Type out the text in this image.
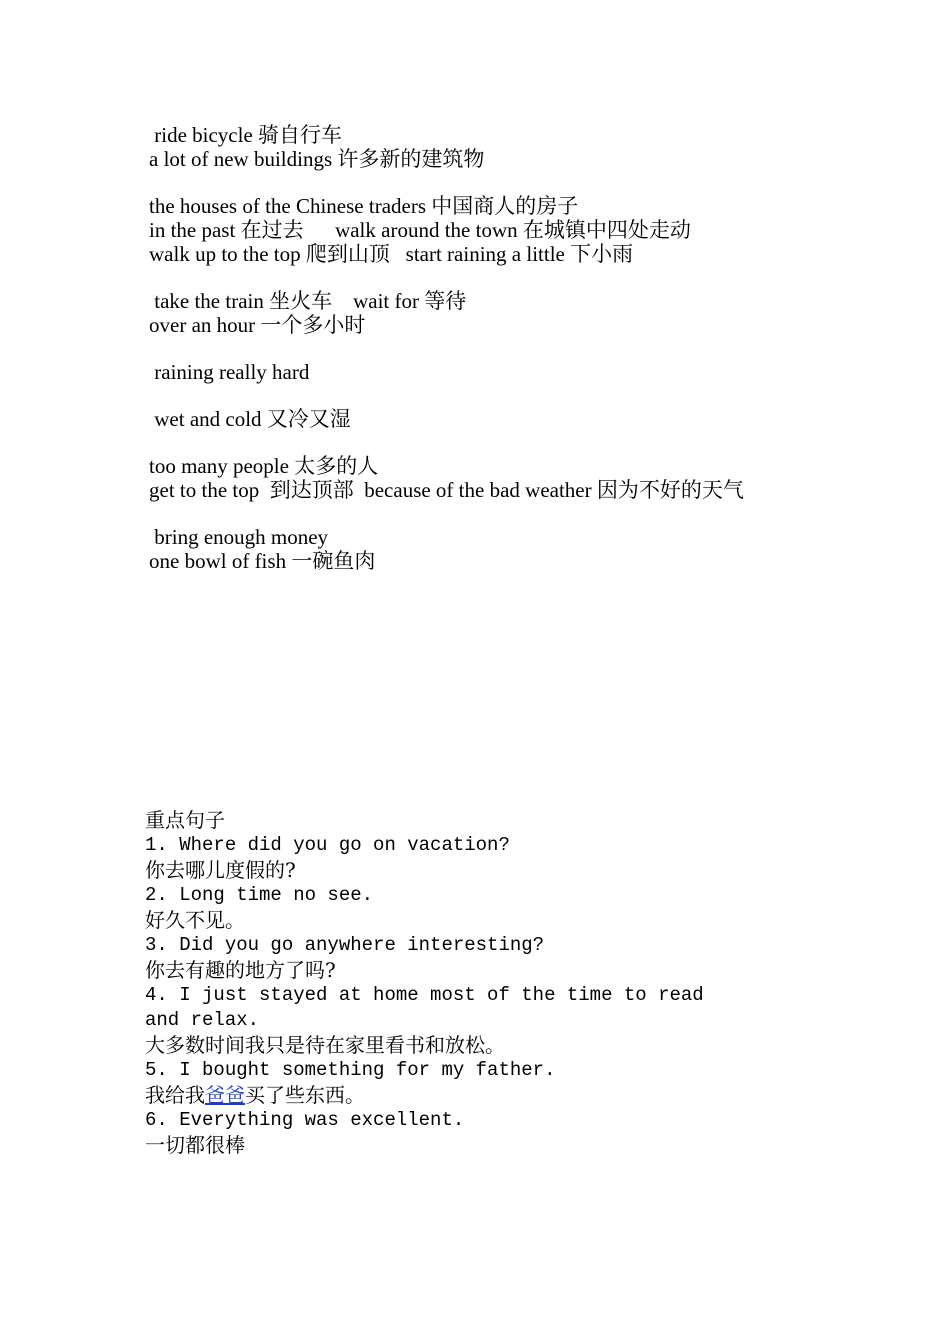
ride bicycle 骑自行车
a lot of new buildings 许多新的建筑物
the houses of the Chinese traders 中国商人的房子
in the past 在过去      walk around the town 在城镇中四处走动
walk up to the top 爬到山顶   start raining a little 下小雨
take the train 坐火车    wait for 等待
over an hour 一个多小时
raining really hard
wet and cold 又冷又湿
too many people 太多的人
get to the top  到达顶部  because of the bad weather 因为不好的天气
bring enough money
one bowl of fish 一碗鱼肉
重点句子
1. Where did you go on vacation?
你去哪儿度假的?
2. Long time no see.
好久不见。
3. Did you go anywhere interesting?
你去有趣的地方了吗?
4. I just stayed at home most of the time to read and relax.
大多数时间我只是待在家里看书和放松。
5. I bought something for my father.
我给我爸爸买了些东西。
6. Everything was excellent.
一切都很棒
